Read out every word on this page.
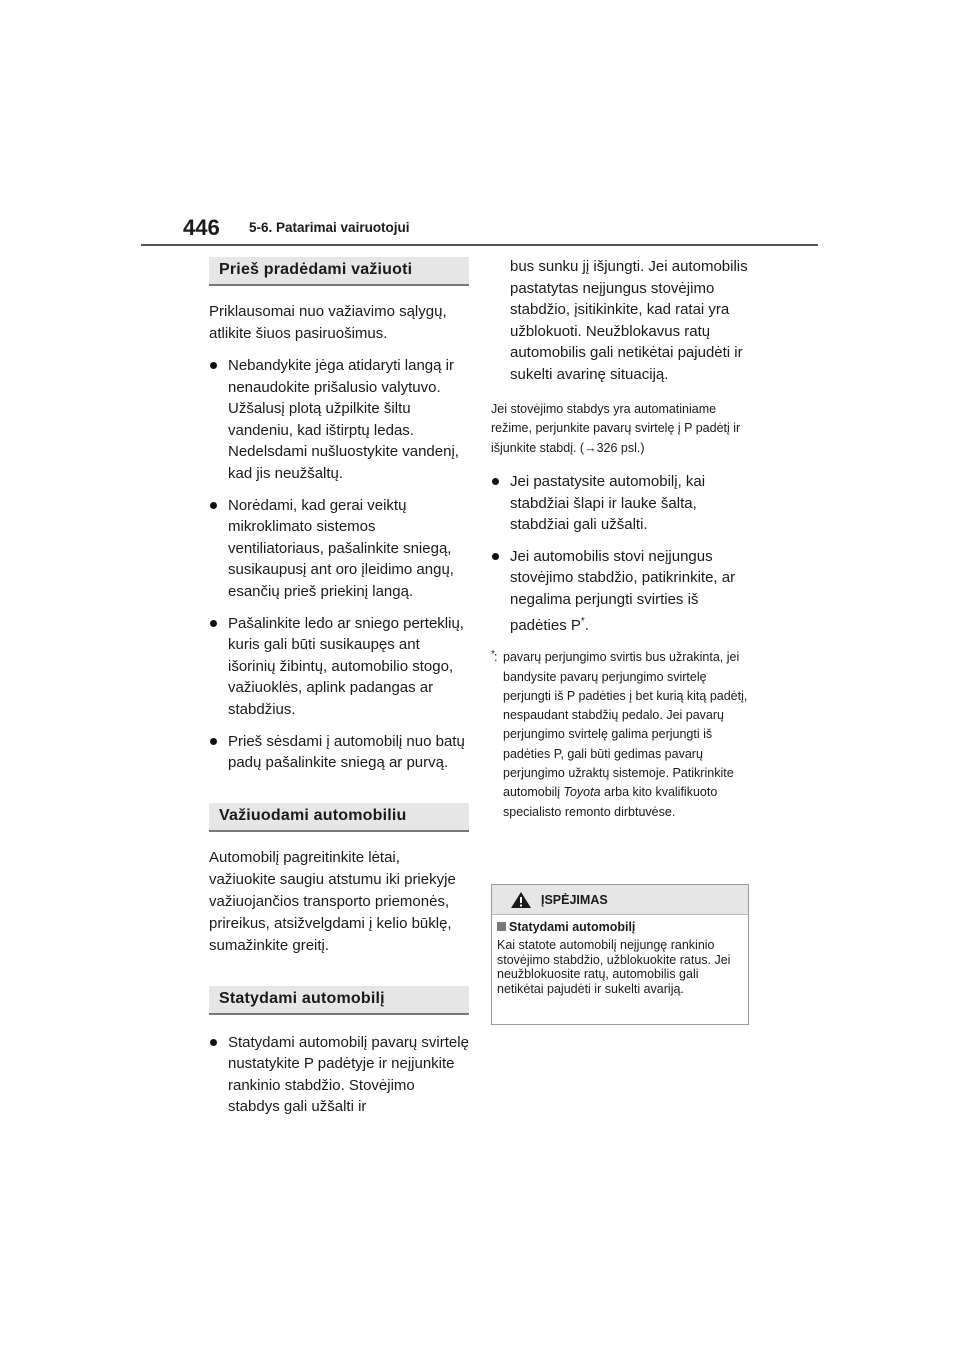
446 5-6. Patarimai vairuotojui
Prieš pradėdami važiuoti

Priklausomai nuo važiavimo sąlygų, atlikite šiuos pasiruošimus.

Nebandykite jėga atidaryti langą ir nenaudokite prišalusio valytuvo. Užšalusį plotą užpilkite šiltu vandeniu, kad ištirptų ledas. Nedelsdami nušluostykite vandenį, kad jis neužšaltų.
Norėdami, kad gerai veiktų mikroklimato sistemos ventiliatoriaus, pašalinkite sniegą, susikaupusį ant oro įleidimo angų, esančių prieš priekinį langą.
Pašalinkite ledo ar sniego perteklių, kuris gali būti susikaupęs ant išorinių žibintų, automobilio stogo, važiuoklės, aplink padangas ar stabdžius.
Prieš sėsdami į automobilį nuo batų padų pašalinkite sniegą ar purvą.
Važiuodami automobiliu

Automobilį pagreitinkite lėtai, važiuokite saugiu atstumu iki priekyje važiuojančios transporto priemonės, prireikus, atsižvelgdami į kelio būklę, sumažinkite greitį.

Statydami automobilį
Statydami automobilį pavarų svirtelę nustatykite P padėtyje ir neįjunkite rankinio stabdžio. Stovėjimo stabdys gali užšalti ir
bus sunku jį išjungti. Jei automobilis pastatytas neįjungus stovėjimo stabdžio, įsitikinkite, kad ratai yra užblokuoti. Neužblokavus ratų automobilis gali netikėtai pajudėti ir sukelti avarinę situaciją.
Jei stovėjimo stabdys yra automatiniame režime, perjunkite pavarų svirtelę į P padėtį ir išjunkite stabdį. (→326 psl.)
Jei pastatysite automobilį, kai stabdžiai šlapi ir lauke šalta, stabdžiai gali užšalti.
Jei automobilis stovi neįjungus stovėjimo stabdžio, patikrinkite, ar negalima perjungti svirties iš padėties P*.
* : pavarų perjungimo svirtis bus užrakinta, jei bandysite pavarų perjungimo svirtelę perjungti iš P padėties į bet kurią kitą padėtį, nespaudant stabdžių pedalo. Jei pavarų perjungimo svirtelę galima perjungti iš padėties P, gali būti gedimas pavarų perjungimo užraktų sistemoje. Patikrinkite automobilį Toyota arba kito kvalifikuoto specialisto remonto dirbtuvėse.
ĮSPĖJIMAS
Statydami automobilį
Kai statote automobilį neįjungę rankinio stovėjimo stabdžio, užblokuokite ratus. Jei neužblokuosite ratų, automobilis gali netikėtai pajudėti ir sukelti avariją.
